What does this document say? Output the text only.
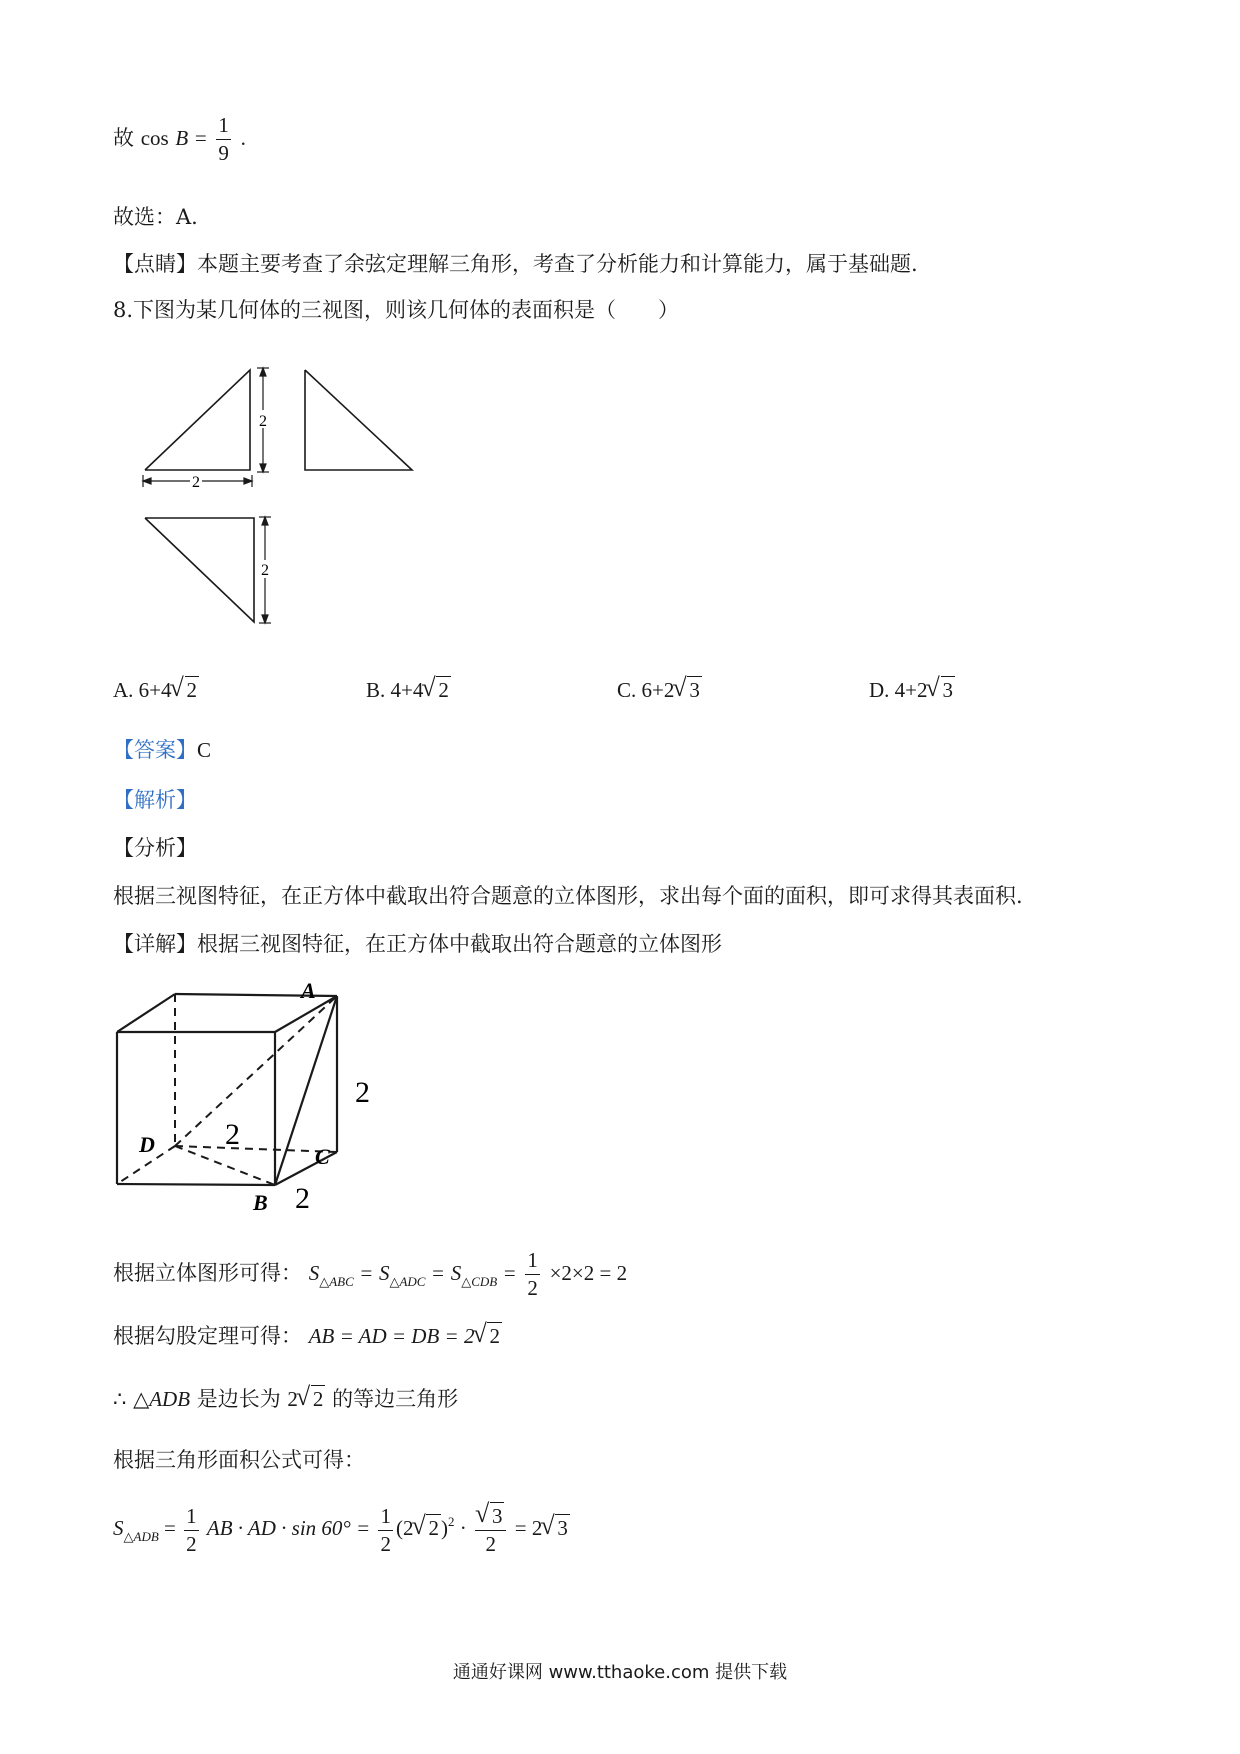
故 $\cos B = \frac{1}{9}$ .
故选：A.
【点睛】本题主要考查了余弦定理解三角形，考查了分析能力和计算能力，属于基础题.
8.下图为某几何体的三视图，则该几何体的表面积是（　　）
2
2
2
A. 6+4√ 2	B. 4+4√ 2	C. 6+2√ 3	D. 4+2√ 3
【答案】C
【解析】
【分析】
根据三视图特征，在正方体中截取出符合题意的立体图形，求出每个面的面积，即可求得其表面积.
【详解】根据三视图特征，在正方体中截取出符合题意的立体图形
A
B
C
D
2
2
2
根据立体图形可得： $S_{\triangle ABC} = S_{\triangle ADC} = S_{\triangle CDB} = \frac{1}{2} \times 2\times 2 = 2$
根据勾股定理可得： AB = AD = DB = 2√ 2
∴ △ADB 是边长为 2√ 2 的等边三角形
根据三角形面积公式可得：
$S_{\triangle ADB} = \frac{1}{2}$ AB · AD · $\sin 60^\circ = \frac{1}{2} (2√$ 2)$^2$ ·
√ $\frac{3}{2} = 2√$ 3
通通好课网 www.tthaoke.com 提供下载
